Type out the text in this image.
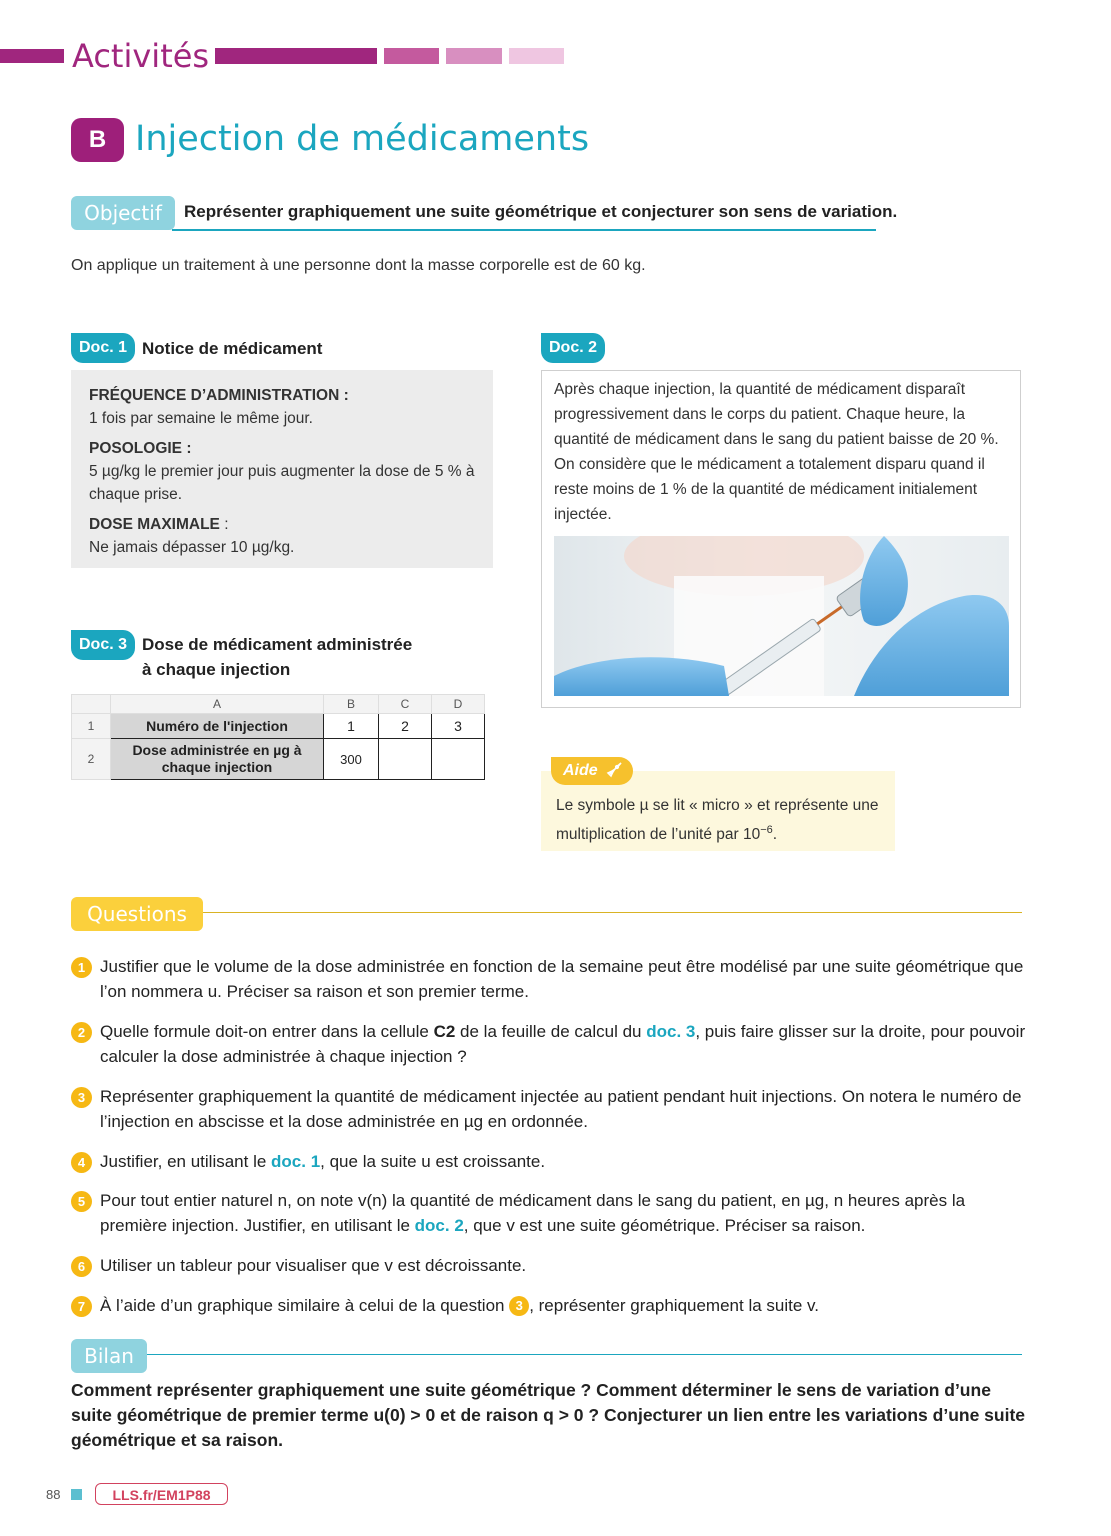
Activités
B Injection de médicaments
Objectif	Représenter graphiquement une suite géométrique et conjecturer son sens de variation.
On applique un traitement à une personne dont la masse corporelle est de 60 kg.
Doc. 1 Notice de médicament

FRÉQUENCE D’ADMINISTRATION :

1 fois par semaine le même jour.

POSOLOGIE :

5 µg/kg le premier jour puis augmenter la dose de 5 % à chaque prise.

DOSE MAXIMALE :

Ne jamais dépasser 10 µg/kg.

Doc. 2
Après chaque injection, la quantité de médicament disparaît progressivement dans le corps du patient. Chaque heure, la quantité de médicament dans le sang du patient baisse de 20 %. On considère que le médicament a totalement disparu quand il reste moins de 1 % de la quantité de médicament initialement injectée.
Doc. 3 Dose de médicament administrée
à chaque injection
	A	B	C	D
1	Numéro de l'injection	1	2	3
2	Dose administrée en µg à
chaque injection	300		
Aide
Le symbole µ se lit « micro » et représente une multiplication de l’unité par $10^{-6}$.
Questions
1 Justifier que le volume de la dose administrée en fonction de la semaine peut être modélisé par une suite géométrique que l’on nommera u. Préciser sa raison et son premier terme.
2 Quelle formule doit-on entrer dans la cellule C2 de la feuille de calcul du doc. 3, puis faire glisser sur la droite, pour pouvoir calculer la dose administrée à chaque injection ?
3 Représenter graphiquement la quantité de médicament injectée au patient pendant huit injections. On notera le numéro de l’injection en abscisse et la dose administrée en µg en ordonnée.
4 Justifier, en utilisant le doc. 1, que la suite u est croissante.
5 Pour tout entier naturel n, on note v(n) la quantité de médicament dans le sang du patient, en µg, n heures après la première injection. Justifier, en utilisant le doc. 2, que v est une suite géométrique. Préciser sa raison.
6 Utiliser un tableur pour visualiser que v est décroissante.
7 À l’aide d’un graphique similaire à celui de la question 3 , représenter graphiquement la suite v.
Bilan
Comment représenter graphiquement une suite géométrique ? Comment déterminer le sens de variation d’une suite géométrique de premier terme u(0) > 0 et de raison q > 0 ? Conjecturer un lien entre les variations d’une suite géométrique et sa raison.
88	LLS.fr/EM1P88
